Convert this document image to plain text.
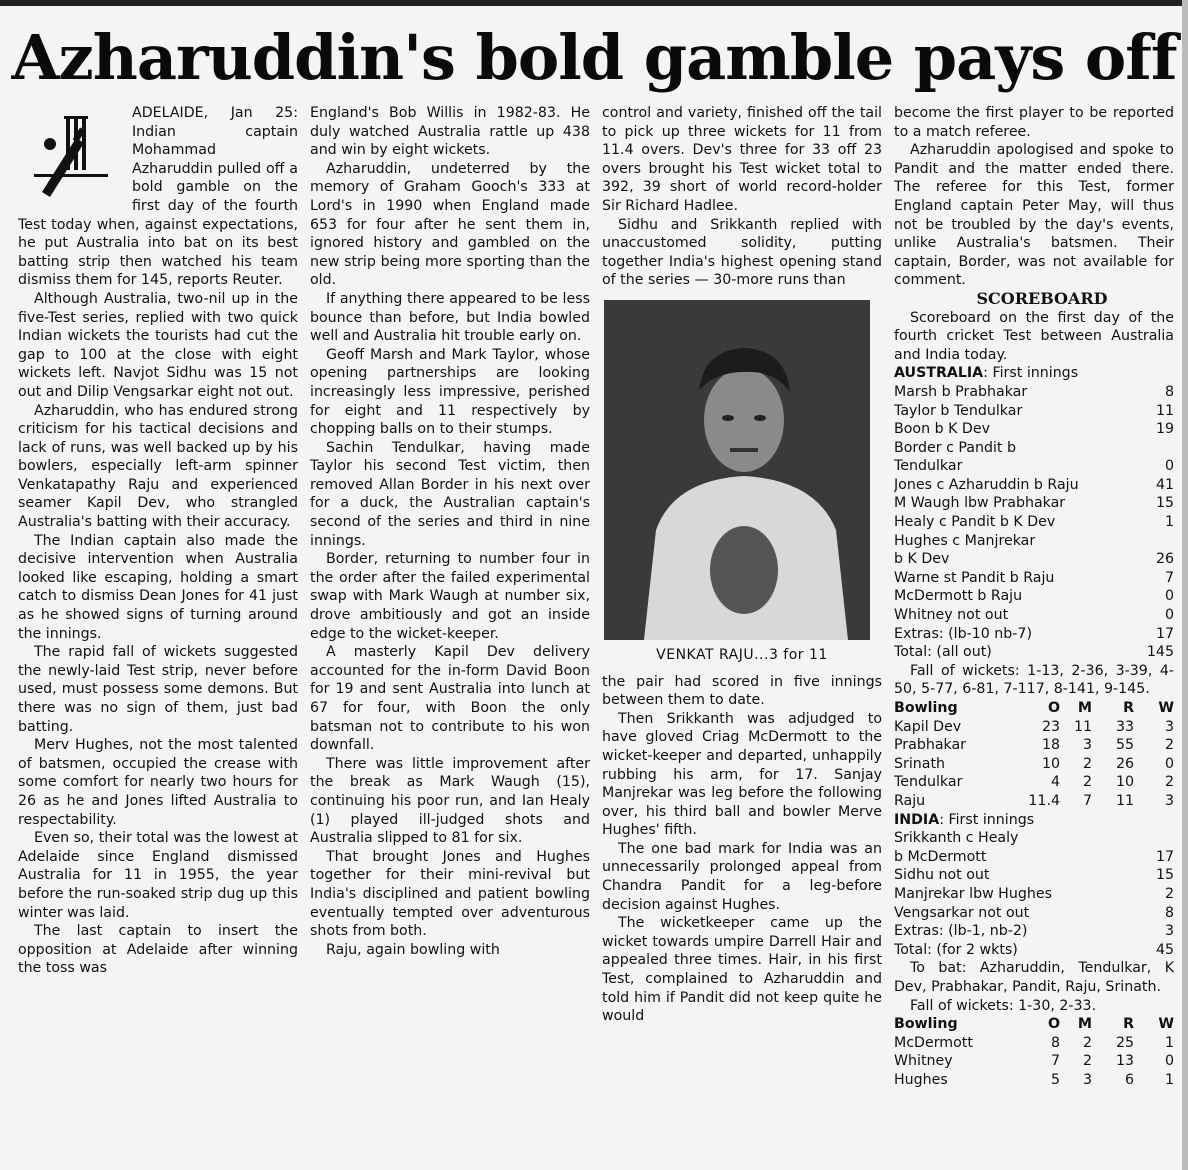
Azharuddin's bold gamble pays off

ADELAIDE, Jan 25: Indian captain Mohammad Azharuddin pulled off a bold gamble on the first day of the fourth Test today when, against expectations, he put Australia into bat on its best batting strip then watched his team dismiss them for 145, reports Reuter.

Although Australia, two-nil up in the five-Test series, replied with two quick Indian wickets the tourists had cut the gap to 100 at the close with eight wickets left. Navjot Sidhu was 15 not out and Dilip Vengsarkar eight not out.

Azharuddin, who has endured strong criticism for his tactical decisions and lack of runs, was well backed up by his bowlers, especially left-arm spinner Venkatapathy Raju and experienced seamer Kapil Dev, who strangled Australia's batting with their accuracy.

The Indian captain also made the decisive intervention when Australia looked like escaping, holding a smart catch to dismiss Dean Jones for 41 just as he showed signs of turning around the innings.

The rapid fall of wickets suggested the newly-laid Test strip, never before used, must possess some demons. But there was no sign of them, just bad batting.

Merv Hughes, not the most talented of batsmen, occupied the crease with some comfort for nearly two hours for 26 as he and Jones lifted Australia to respectability.

Even so, their total was the lowest at Adelaide since England dismissed Australia for 11 in 1955, the year before the run-soaked strip dug up this winter was laid.

The last captain to insert the opposition at Adelaide after winning the toss was

England's Bob Willis in 1982-83. He duly watched Australia rattle up 438 and win by eight wickets.

Azharuddin, undeterred by the memory of Graham Gooch's 333 at Lord's in 1990 when England made 653 for four after he sent them in, ignored history and gambled on the new strip being more sporting than the old.

If anything there appeared to be less bounce than before, but India bowled well and Australia hit trouble early on.

Geoff Marsh and Mark Taylor, whose opening partnerships are looking increasingly less impressive, perished for eight and 11 respectively by chopping balls on to their stumps.

Sachin Tendulkar, having made Taylor his second Test victim, then removed Allan Border in his next over for a duck, the Australian captain's second of the series and third in nine innings.

Border, returning to number four in the order after the failed experimental swap with Mark Waugh at number six, drove ambitiously and got an inside edge to the wicket-keeper.

A masterly Kapil Dev delivery accounted for the in-form David Boon for 19 and sent Australia into lunch at 67 for four, with Boon the only batsman not to contribute to his won downfall.

There was little improvement after the break as Mark Waugh (15), continuing his poor run, and Ian Healy (1) played ill-judged shots and Australia slipped to 81 for six.

That brought Jones and Hughes together for their mini-revival but India's disciplined and patient bowling eventually tempted over adventurous shots from both.

Raju, again bowling with

control and variety, finished off the tail to pick up three wickets for 11 from 11.4 overs. Dev's three for 33 off 23 overs brought his Test wicket total to 392, 39 short of world record-holder Sir Richard Hadlee.

Sidhu and Srikkanth replied with unaccustomed solidity, putting together India's highest opening stand of the series — 30-more runs than

VENKAT RAJU...3 for 11

the pair had scored in five innings between them to date.

Then Srikkanth was adjudged to have gloved Criag McDermott to the wicket-keeper and departed, unhappily rubbing his arm, for 17. Sanjay Manjrekar was leg before the following over, his third ball and bowler Merve Hughes' fifth.

The one bad mark for India was an unnecessarily prolonged appeal from Chandra Pandit for a leg-before decision against Hughes.

The wicketkeeper came up the wicket towards umpire Darrell Hair and appealed three times. Hair, in his first Test, complained to Azharuddin and told him if Pandit did not keep quite he would

become the first player to be reported to a match referee.

Azharuddin apologised and spoke to Pandit and the matter ended there. The referee for this Test, former England captain Peter May, will thus not be troubled by the day's events, unlike Australia's batsmen. Their captain, Border, was not available for comment.

SCOREBOARD

Scoreboard on the first day of the fourth cricket Test between Australia and India today.

AUSTRALIA: First innings

Marsh b Prabhakar	8
Taylor b Tendulkar	11
Boon b K Dev	19
Border c Pandit b
Tendulkar	0
Jones c Azharuddin b Raju	41
M Waugh lbw Prabhakar	15
Healy c Pandit b K Dev	1
Hughes c Manjrekar
b K Dev	26
Warne st Pandit b Raju	7
McDermott b Raju	0
Whitney not out	0
Extras: (lb-10 nb-7)	17
Total: (all out)	145

Fall of wickets: 1-13, 2-36, 3-39, 4-50, 5-77, 6-81, 7-117, 8-141, 9-145.

Bowling	O	M	R	W
Kapil Dev	23 11	33	3
Prabhakar	18	3	55	2
Srinath	10	2	26	0
Tendulkar	4	2	10	2
Raju	11.4	7	11	3

INDIA: First innings

Srikkanth c Healy
b McDermott	17
Sidhu not out	15
Manjrekar lbw Hughes	2
Vengsarkar not out	8
Extras: (lb-1, nb-2)	3
Total: (for 2 wkts)	45

To bat: Azharuddin, Tendulkar, K Dev, Prabhakar, Pandit, Raju, Srinath.

Fall of wickets: 1-30, 2-33.

Bowling	O	M	R	W
McDermott	8	2	25	1
Whitney	7	2	13	0
Hughes	5	3	6	1
